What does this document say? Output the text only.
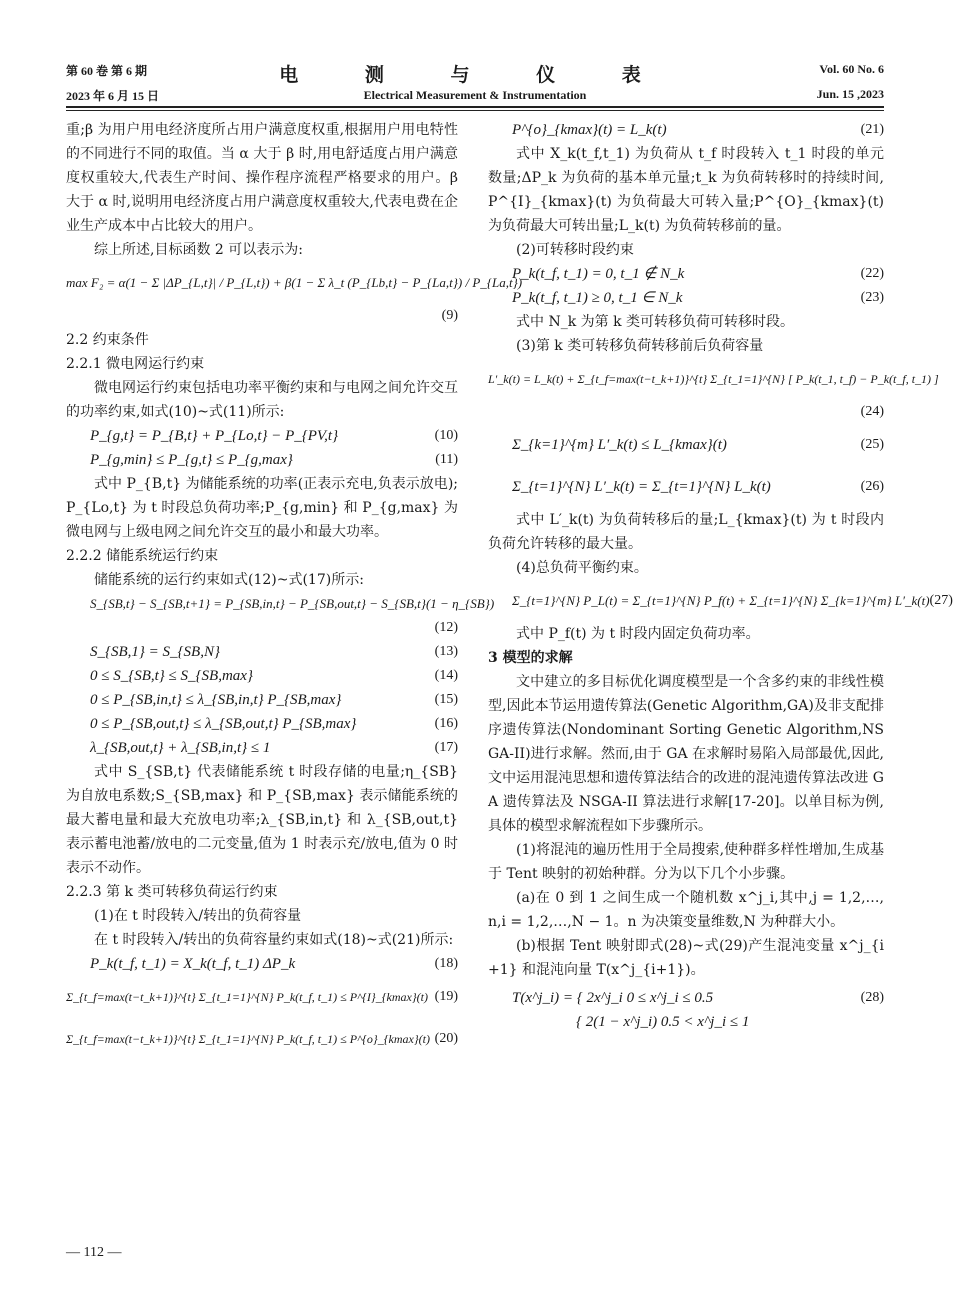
第 60 卷 第 6 期
2023 年 6 月 15 日
电 测 与 仪 表
Electrical Measurement & Instrumentation
Vol. 60 No. 6
Jun. 15 ,2023
重;β 为用户用电经济度所占用户满意度权重,根据用户用电特性的不同进行不同的取值。当 α 大于 β 时,用电舒适度占用户满意度权重较大,代表生产时间、操作程序流程严格要求的用户。β 大于 α 时,说明用电经济度占用户满意度权重较大,代表电费在企业生产成本中占比较大的用户。
综上所述,目标函数 2 可以表示为:
max F₂ = α(1 − Σ |ΔP_{L,t}| / P_{L,t}) + β(1 − Σ λ_t (P_{Lb,t} − P_{La,t}) / P_{La,t})
(9)
2.2 约束条件
2.2.1 微电网运行约束
微电网运行约束包括电功率平衡约束和与电网之间允许交互的功率约束,如式(10)~式(11)所示:
P_{g,t} = P_{B,t} + P_{Lo,t} − P_{PV,t}	(10)
P_{g,min} ≤ P_{g,t} ≤ P_{g,max}	(11)
式中 P_{B,t} 为储能系统的功率(正表示充电,负表示放电);P_{Lo,t} 为 t 时段总负荷功率;P_{g,min} 和 P_{g,max} 为微电网与上级电网之间允许交互的最小和最大功率。
2.2.2 储能系统运行约束
储能系统的运行约束如式(12)~式(17)所示:
S_{SB,t} − S_{SB,t+1} = P_{SB,in,t} − P_{SB,out,t} − S_{SB,t}(1 − η_{SB})
(12)
S_{SB,1} = S_{SB,N}	(13)
0 ≤ S_{SB,t} ≤ S_{SB,max}	(14)
0 ≤ P_{SB,in,t} ≤ λ_{SB,in,t} P_{SB,max}	(15)
0 ≤ P_{SB,out,t} ≤ λ_{SB,out,t} P_{SB,max}	(16)
λ_{SB,out,t} + λ_{SB,in,t} ≤ 1	(17)
式中 S_{SB,t} 代表储能系统 t 时段存储的电量;η_{SB} 为自放电系数;S_{SB,max} 和 P_{SB,max} 表示储能系统的最大蓄电量和最大充放电功率;λ_{SB,in,t} 和 λ_{SB,out,t} 表示蓄电池蓄/放电的二元变量,值为 1 时表示充/放电,值为 0 时表示不动作。
2.2.3 第 k 类可转移负荷运行约束
(1)在 t 时段转入/转出的负荷容量
在 t 时段转入/转出的负荷容量约束如式(18)~式(21)所示:
P_k(t_f, t_1) = X_k(t_f, t_1) ΔP_k	(18)
Σ_{t_f=max(t−t_k+1)}^{t} Σ_{t_1=1}^{N} P_k(t_f, t_1) ≤ P^{I}_{kmax}(t) (19)
Σ_{t_f=max(t−t_k+1)}^{t} Σ_{t_1=1}^{N} P_k(t_f, t_1) ≤ P^{o}_{kmax}(t) (20)
P^{o}_{kmax}(t) = L_k(t)	(21)
式中 X_k(t_f,t_1) 为负荷从 t_f 时段转入 t_1 时段的单元数量;ΔP_k 为负荷的基本单元量;t_k 为负荷转移时的持续时间,P^{I}_{kmax}(t) 为负荷最大可转入量;P^{O}_{kmax}(t) 为负荷最大可转出量;L_k(t) 为负荷转移前的量。
(2)可转移时段约束
P_k(t_f, t_1) = 0, t_1 ∉ N_k	(22)
P_k(t_f, t_1) ≥ 0, t_1 ∈ N_k	(23)
式中 N_k 为第 k 类可转移负荷可转移时段。
(3)第 k 类可转移负荷转移前后负荷容量
L′_k(t) = L_k(t) + Σ_{t_f=max(t−t_k+1)}^{t} Σ_{t_1=1}^{N} [ P_k(t_1, t_f) − P_k(t_f, t_1) ]
(24)
Σ_{k=1}^{m} L′_k(t) ≤ L_{kmax}(t)	(25)
Σ_{t=1}^{N} L′_k(t) = Σ_{t=1}^{N} L_k(t)	(26)
式中 L′_k(t) 为负荷转移后的量;L_{kmax}(t) 为 t 时段内负荷允许转移的最大量。
(4)总负荷平衡约束。
Σ_{t=1}^{N} P_L(t) = Σ_{t=1}^{N} P_f(t) + Σ_{t=1}^{N} Σ_{k=1}^{m} L′_k(t) (27)
式中 P_f(t) 为 t 时段内固定负荷功率。
3 模型的求解
文中建立的多目标优化调度模型是一个含多约束的非线性模型,因此本节运用遗传算法(Genetic Algorithm,GA)及非支配排序遗传算法(Nondominant Sorting Genetic Algorithm,NSGA-II)进行求解。然而,由于 GA 在求解时易陷入局部最优,因此,文中运用混沌思想和遗传算法结合的改进的混沌遗传算法改进 GA 遗传算法及 NSGA-II 算法进行求解[17-20]。以单目标为例,具体的模型求解流程如下步骤所示。
(1)将混沌的遍历性用于全局搜索,使种群多样性增加,生成基于 Tent 映射的初始种群。分为以下几个小步骤。
(a)在 0 到 1 之间生成一个随机数 x^j_i,其中,j = 1,2,…,n,i = 1,2,…,N − 1。n 为决策变量维数,N 为种群大小。
(b)根据 Tent 映射即式(28)~式(29)产生混沌变量 x^j_{i+1} 和混沌向量 T(x^j_{i+1})。
T(x^j_i) = { 2x^j_i 0 ≤ x^j_i ≤ 0.5	(28)
{ 2(1 − x^j_i) 0.5 < x^j_i ≤ 1
— 112 —
